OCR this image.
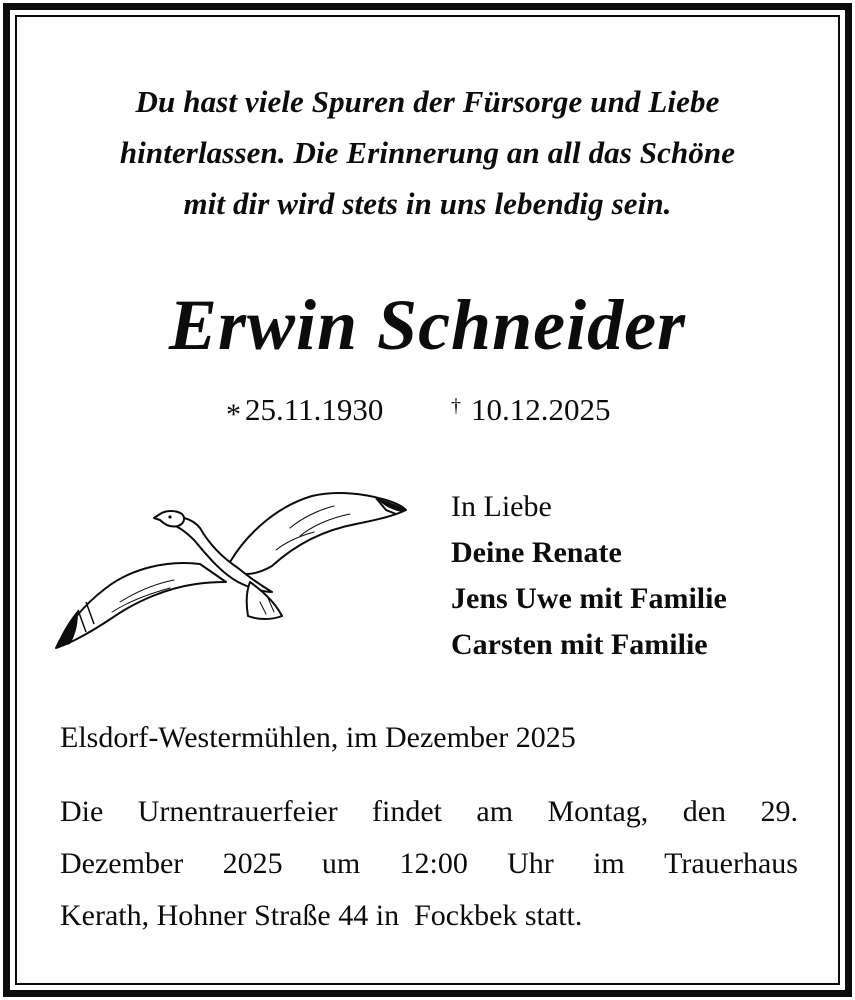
Du hast viele Spuren der Fürsorge und Liebe
hinterlassen. Die Erinnerung an all das Schöne
mit dir wird stets in uns lebendig sein.
Erwin Schneider
* 25.11.1930	† 10.12.2025
In Liebe
Deine Renate
Jens Uwe mit Familie
Carsten mit Familie
Elsdorf-Westermühlen, im Dezember 2025
Die Urnentrauerfeier findet am Montag, den 29.
Dezember 2025 um 12:00 Uhr im Trauerhaus
Kerath, Hohner Straße 44 in  Fockbek statt.
